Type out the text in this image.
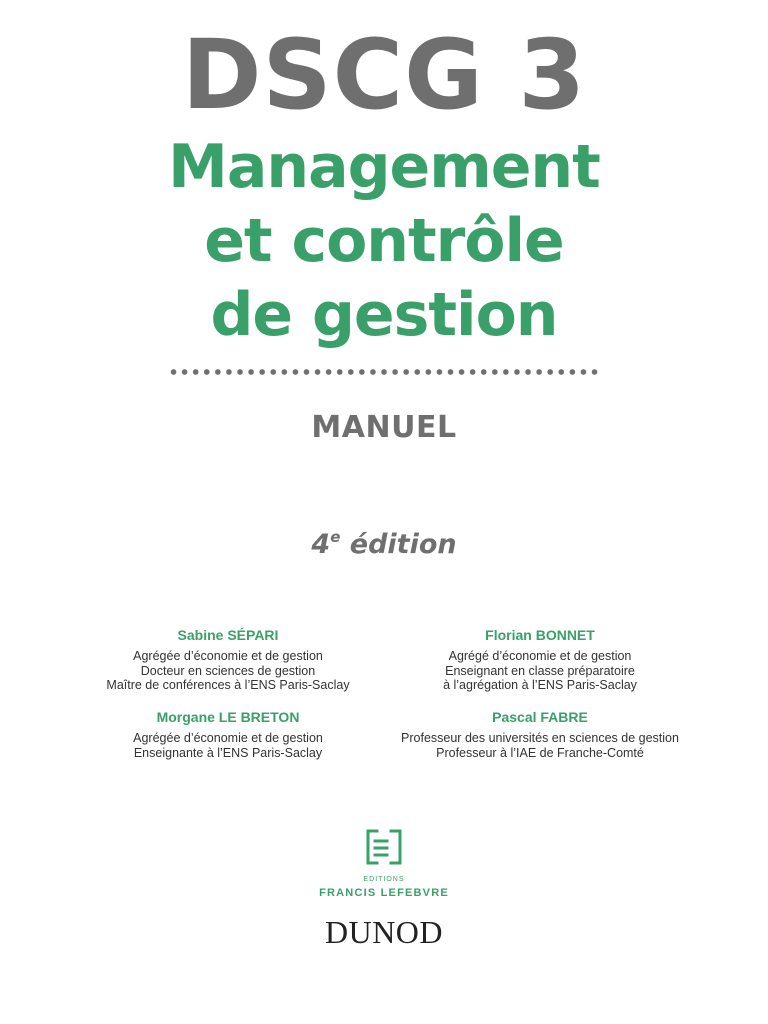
DSCG 3
Management
et contrôle
de gestion
MANUEL
4e édition
Sabine SÉPARI
Agrégée d’économie et de gestion
Docteur en sciences de gestion
Maître de conférences à l’ENS Paris-Saclay
Florian BONNET
Agrégé d’économie et de gestion
Enseignant en classe préparatoire
à l’agrégation à l’ENS Paris-Saclay
Morgane LE BRETON
Agrégée d’économie et de gestion
Enseignante à l’ENS Paris-Saclay
Pascal FABRE
Professeur des universités en sciences de gestion
Professeur à l’IAE de Franche-Comté
EDITIONS
FRANCIS LEFEBVRE
DUNOD
